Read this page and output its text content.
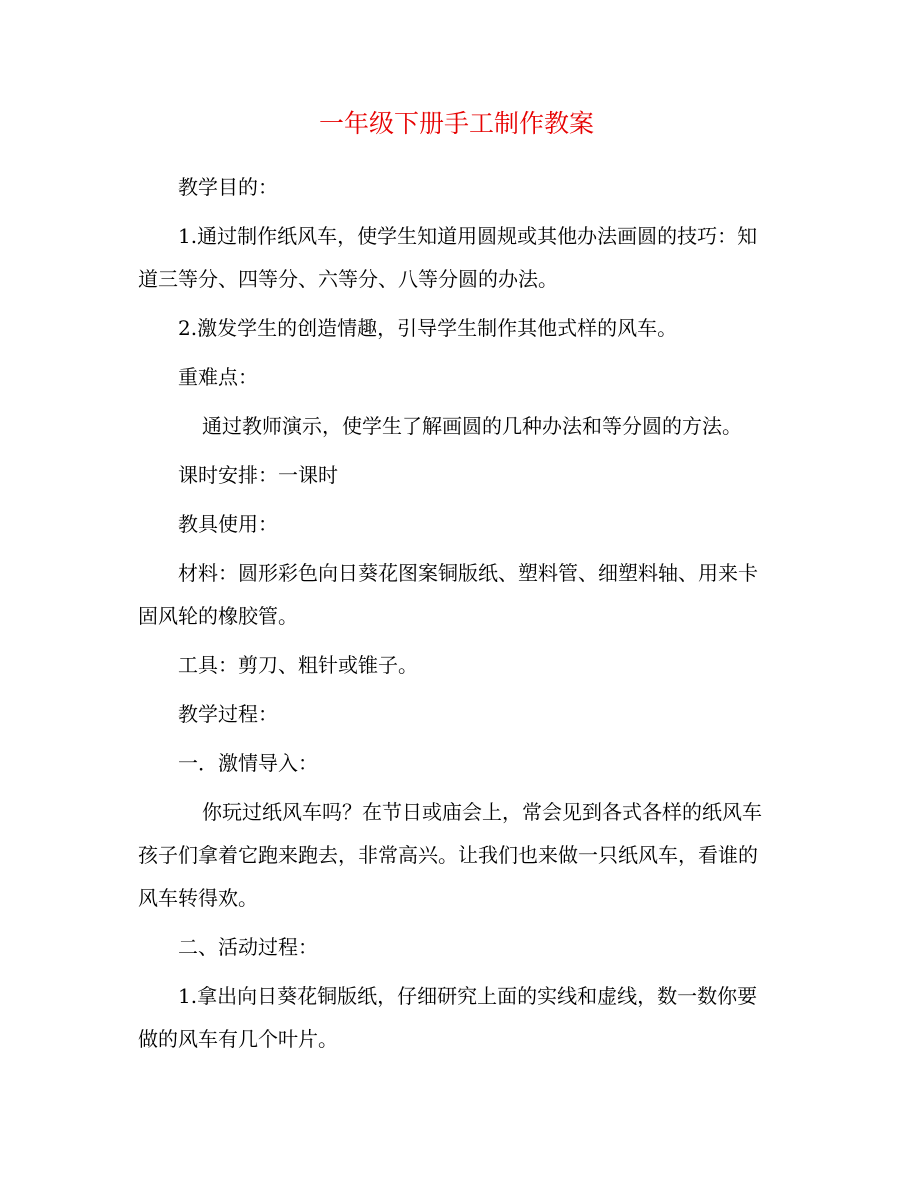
一年级下册手工制作教案

教学目的：

1.通过制作纸风车，使学生知道用圆规或其他办法画圆的技巧：知道三等分、四等分、六等分、八等分圆的办法。

2.激发学生的创造情趣，引导学生制作其他式样的风车。

重难点：

通过教师演示，使学生了解画圆的几种办法和等分圆的方法。

课时安排：一课时

教具使用：

材料：圆形彩色向日葵花图案铜版纸、塑料管、细塑料轴、用来卡固风轮的橡胶管。

工具：剪刀、粗针或锥子。

教学过程：

一．激情导入：

你玩过纸风车吗？在节日或庙会上，常会见到各式各样的纸风车孩子们拿着它跑来跑去，非常高兴。让我们也来做一只纸风车，看谁的风车转得欢。

二、活动过程：

1.拿出向日葵花铜版纸，仔细研究上面的实线和虚线，数一数你要做的风车有几个叶片。
